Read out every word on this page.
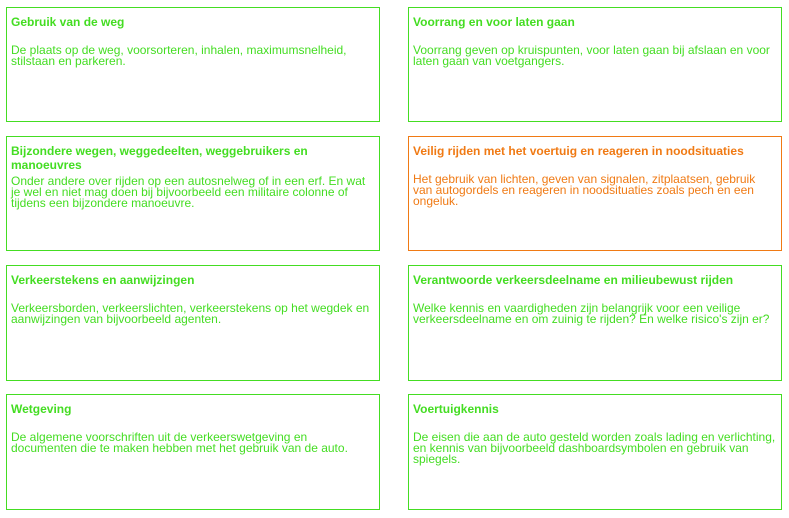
Gebruik van de weg
De plaats op de weg, voorsorteren, inhalen, maximumsnelheid, stilstaan en parkeren.
Voorrang en voor laten gaan
Voorrang geven op kruispunten, voor laten gaan bij afslaan en voor laten gaan van voetgangers.
Bijzondere wegen, weggedeelten, weggebruikers en manoeuvres
Onder andere over rijden op een autosnelweg of in een erf. En wat je wel en niet mag doen bij bijvoorbeeld een militaire colonne of tijdens een bijzondere manoeuvre.
Veilig rijden met het voertuig en reageren in noodsituaties
Het gebruik van lichten, geven van signalen, zitplaatsen, gebruik van autogordels en reageren in noodsituaties zoals pech en een ongeluk.
Verkeerstekens en aanwijzingen
Verkeersborden, verkeerslichten, verkeerstekens op het wegdek en aanwijzingen van bijvoorbeeld agenten.
Verantwoorde verkeersdeelname en milieubewust rijden
Welke kennis en vaardigheden zijn belangrijk voor een veilige verkeersdeelname en om zuinig te rijden? En welke risico's zijn er?
Wetgeving
De algemene voorschriften uit de verkeerswetgeving en documenten die te maken hebben met het gebruik van de auto.
Voertuigkennis
De eisen die aan de auto gesteld worden zoals lading en verlichting, en kennis van bijvoorbeeld dashboardsymbolen en gebruik van spiegels.
